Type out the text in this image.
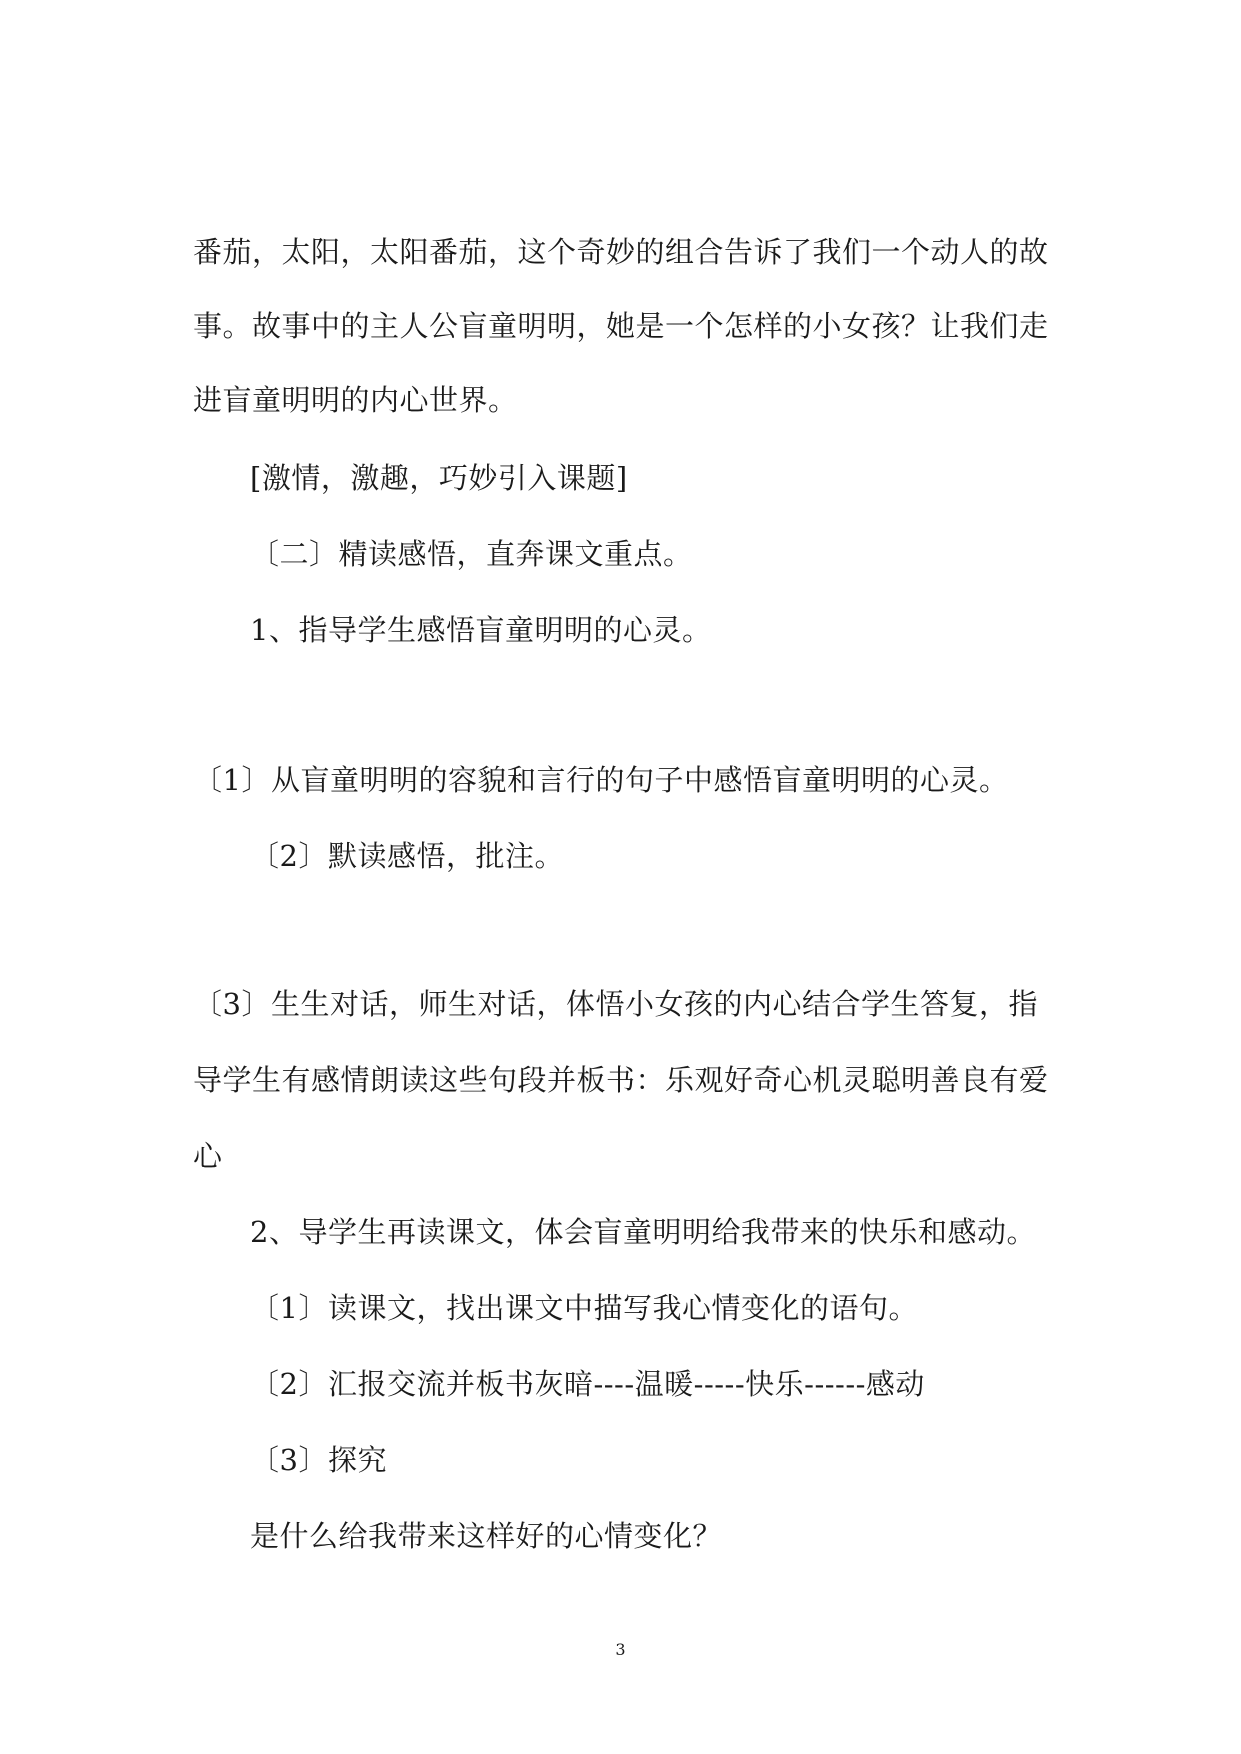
番茄，太阳，太阳番茄，这个奇妙的组合告诉了我们一个动人的故
事。故事中的主人公盲童明明，她是一个怎样的小女孩？让我们走
进盲童明明的内心世界。
[激情，激趣，巧妙引入课题]
〔二〕精读感悟，直奔课文重点。
1、指导学生感悟盲童明明的心灵。
〔1〕从盲童明明的容貌和言行的句子中感悟盲童明明的心灵。
〔2〕默读感悟，批注。
〔3〕生生对话，师生对话，体悟小女孩的内心结合学生答复，指
导学生有感情朗读这些句段并板书：乐观好奇心机灵聪明善良有爱
心
2、导学生再读课文，体会盲童明明给我带来的快乐和感动。
〔1〕读课文，找出课文中描写我心情变化的语句。
〔2〕汇报交流并板书灰暗----温暖-----快乐------感动
〔3〕探究
是什么给我带来这样好的心情变化？
3
